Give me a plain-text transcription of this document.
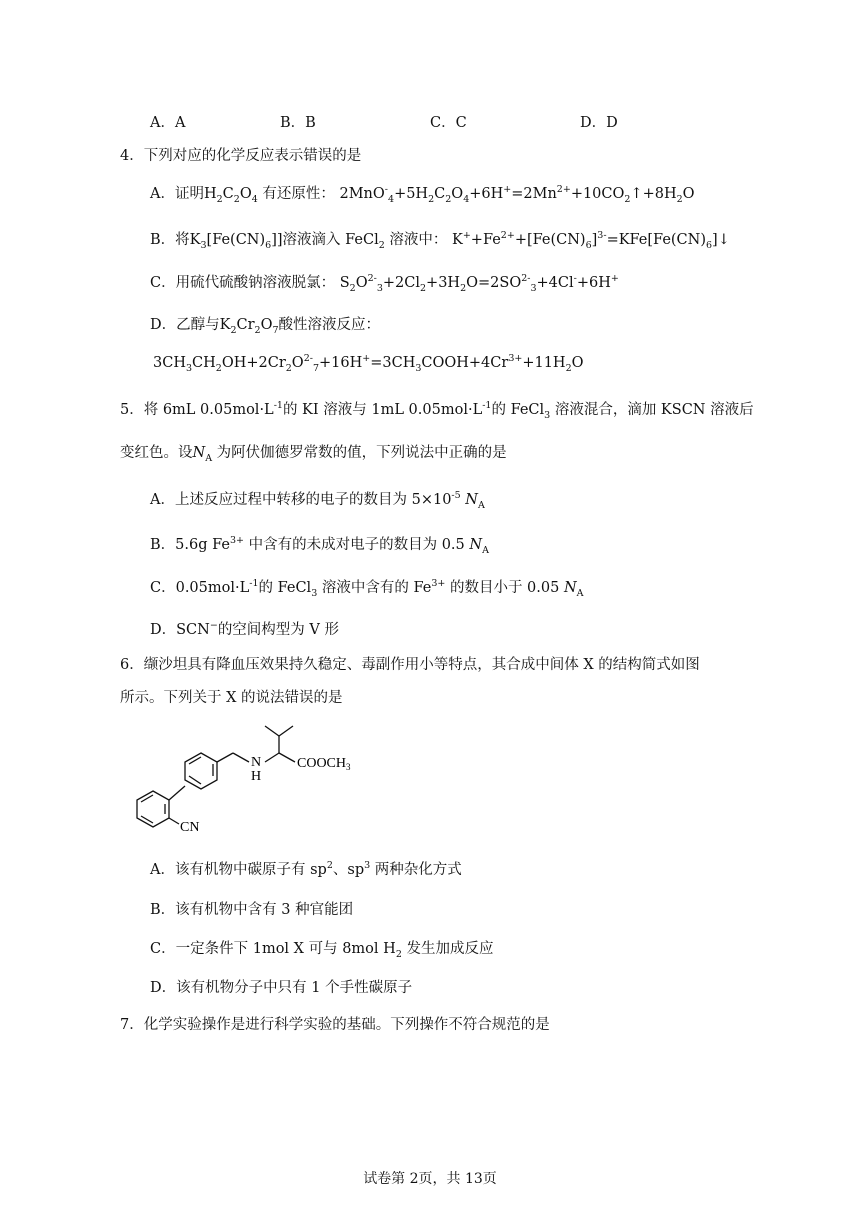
A．A	B．B	C．C	D．D
4．下列对应的化学反应表示错误的是
A．证明$H_2C_2O_4$ 有还原性： $2MnO^-_4+5H_2C_2O_4+6H^+=2Mn^{2+}+10CO_2↑+8H_2O$
B．将$K_3[Fe(CN)_6]$]溶液滴入 FeCl$_2$ 溶液中： $K^++Fe^{2+}+[Fe(CN)_6]^{3-}=KFe[Fe(CN)_6]↓$
C．用硫代硫酸钠溶液脱氯： $S_2O^{2-}_3+2Cl_2+3H_2O=2SO^{2-}_3+4Cl^-+6H^+$
D．乙醇与$K_2Cr_2O_7$酸性溶液反应：
$3CH_3CH_2OH+2Cr_2O^{2-}_7+16H^+=3CH_3COOH+4Cr^{3+}+11H_2O$
5．将 6mL $0.05mol\cdot L^{-1}$的 KI 溶液与 1mL $0.05mol\cdot L^{-1}$的 FeCl$_3$ 溶液混合，滴加 KSCN 溶液后
变红色。设$N_A$ 为阿伏伽德罗常数的值，下列说法中正确的是
A．上述反应过程中转移的电子的数目为 $5\times 10^{-5}$ $N_A$
B．5.6g $Fe^{3+}$ 中含有的未成对电子的数目为 0.5 $N_A$
C．$0.05mol\cdot L^{-1}$的 FeCl$_3$ 溶液中含有的 $Fe^{3+}$ 的数目小于 0.05 $N_A$
D．SCN−的空间构型为 V 形
6．缬沙坦具有降血压效果持久稳定、毒副作用小等特点，其合成中间体 X 的结构简式如图
所示。下列关于 X 的说法错误的是
N
H
$COOCH_3$
CN
A．该有机物中碳原子有 $sp^2$、$sp^3$ 两种杂化方式
B．该有机物中含有 3 种官能团
C．一定条件下 1mol X 可与 8mol $H_2$ 发生加成反应
D．该有机物分子中只有 1 个手性碳原子
7．化学实验操作是进行科学实验的基础。下列操作不符合规范的是
试卷第 2页，共 13页
